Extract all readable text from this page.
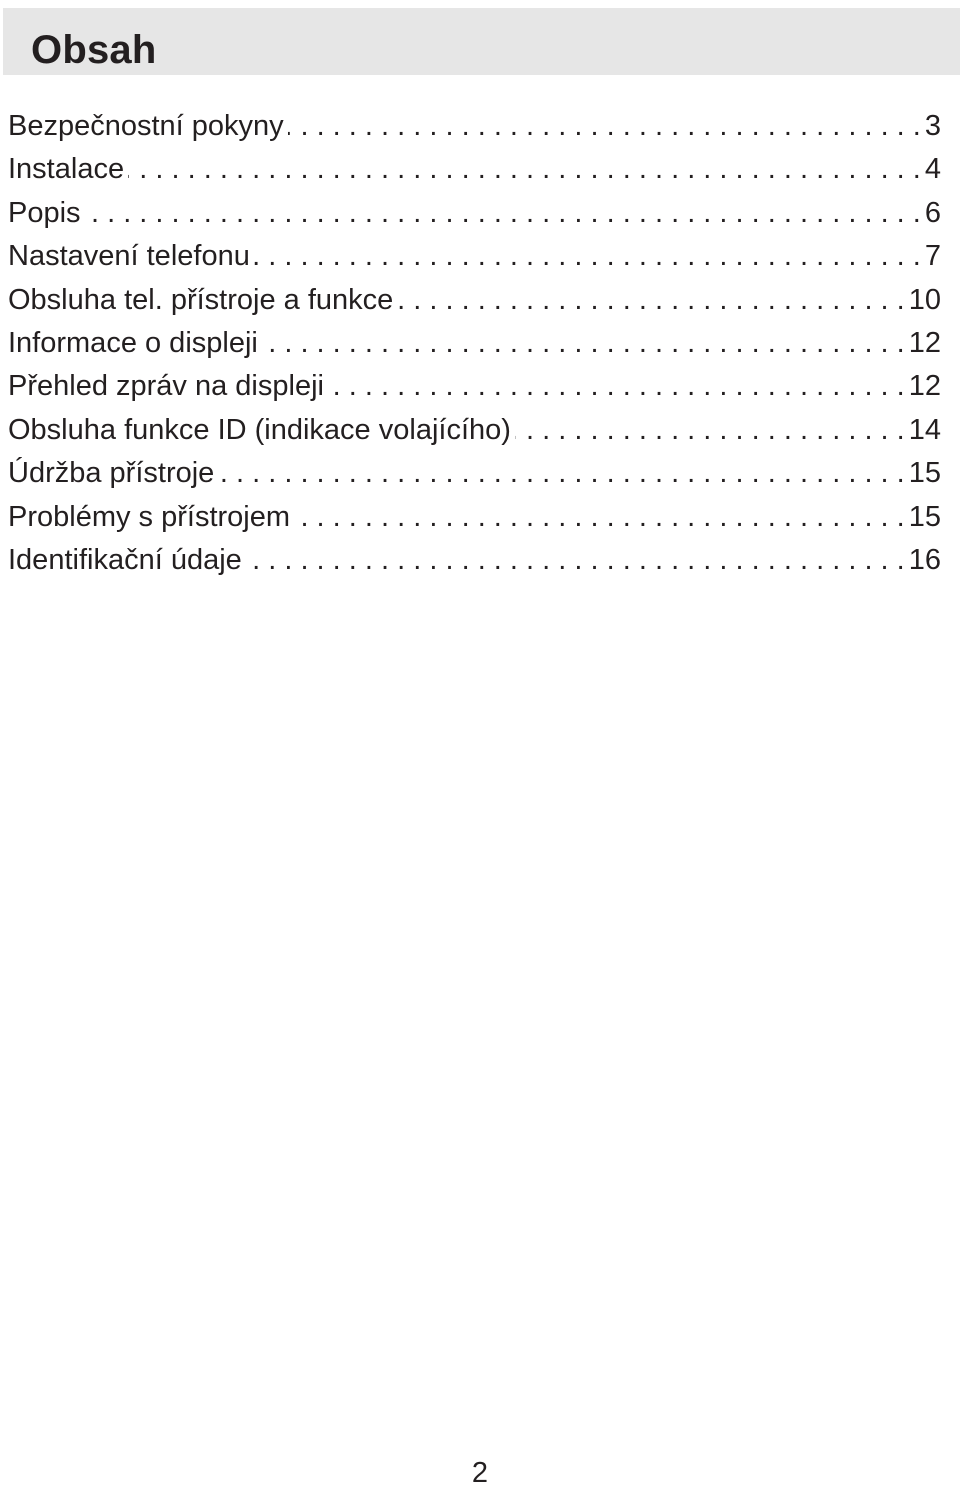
Obsah
Bezpečnostní pokyny . . .	3
Instalace . . .	4
Popis . . .	6
Nastavení telefonu . . .	7
Obsluha tel. přístroje a funkce . . .	10
Informace o displeji . . .	12
Přehled zpráv na displeji . . .	12
Obsluha funkce ID (indikace volajícího) . . .	14
Údržba přístroje . . .	15
Problémy s přístrojem . . .	15
Identifikační údaje . . .	16
2
